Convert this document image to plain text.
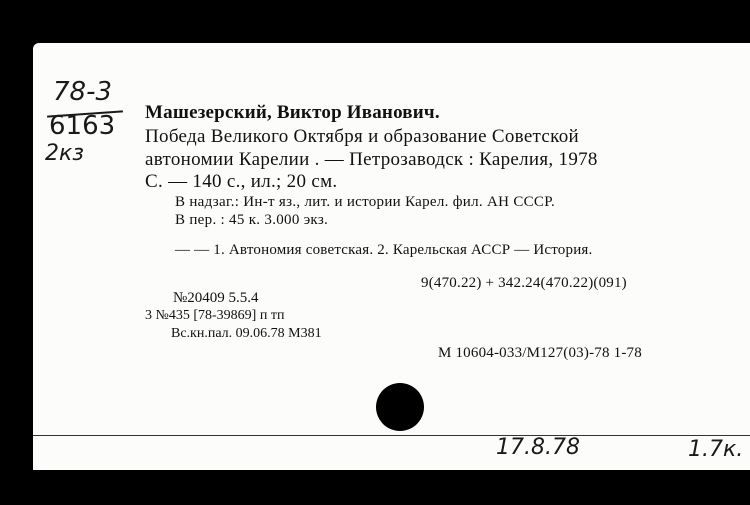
78-3
6163
2кз

Машезерский, Виктор Иванович.

Победа Великого Октября и образование Советской

автономии Карелии . — Петрозаводск : Карелия, 1978

С. — 140 с., ил.; 20 см.

В надзаг.: Ин-т яз., лит. и истории Карел. фил. АН СССР.

В пер. : 45 к. 3.000 экз.

— — 1. Автономия советская. 2. Карельская АССР — История.

9(470.22) + 342.24(470.22)(091)

№20409 5.5.4

3 №435 [78-39869] п тп

Вс.кн.пал. 09.06.78 М381

М 10604-033/М127(03)-78 1-78

17.8.78	1.7к.
